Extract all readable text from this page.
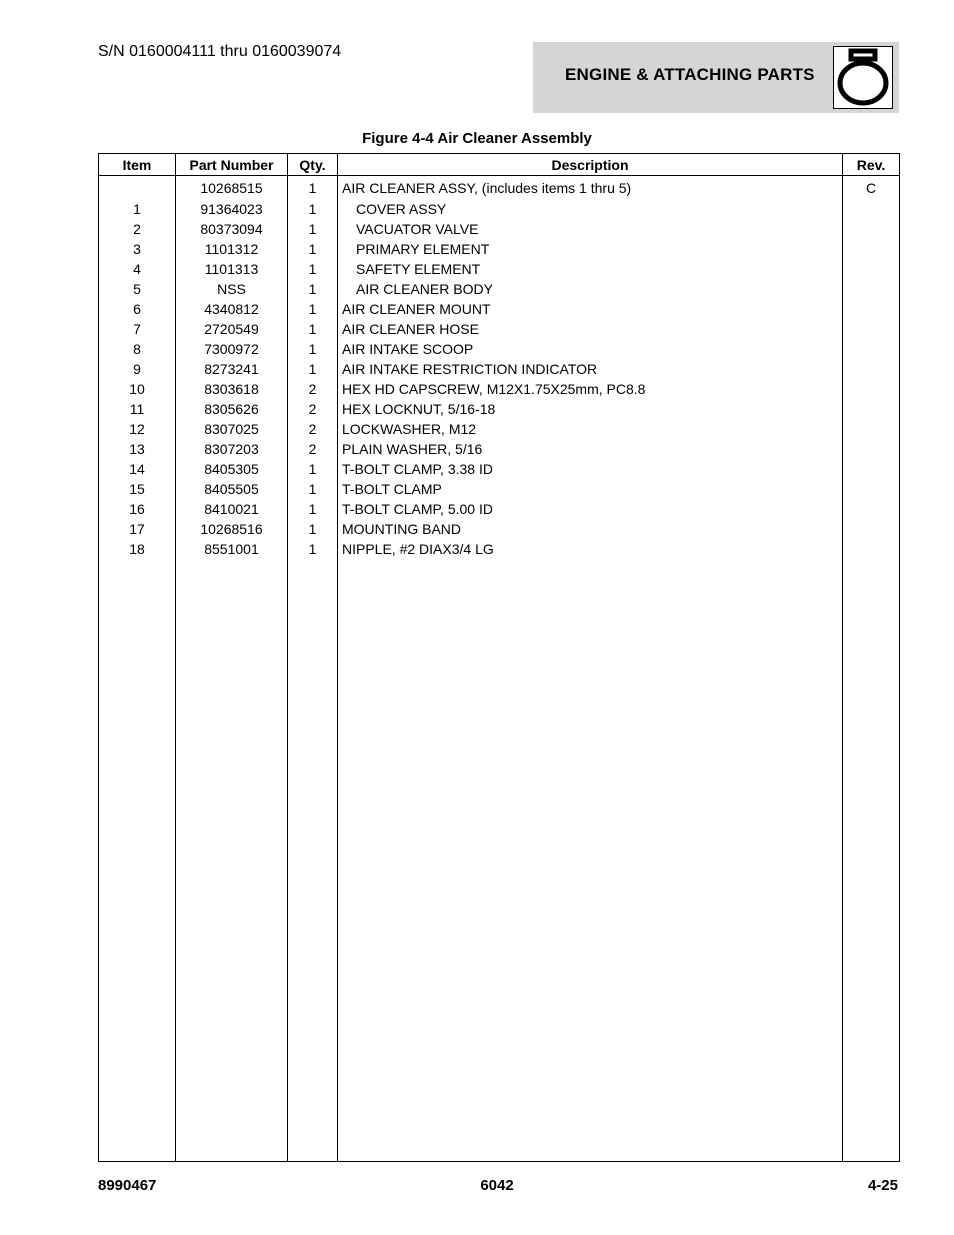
S/N 0160004111 thru 0160039074
ENGINE & ATTACHING PARTS
Figure 4-4 Air Cleaner Assembly
Item	Part Number	Qty.	Description	Rev.
	10268515	1	AIR CLEANER ASSY, (includes items 1 thru 5)	C
1	91364023	1	COVER ASSY	
2	80373094	1	VACUATOR VALVE	
3	1101312	1	PRIMARY ELEMENT	
4	1101313	1	SAFETY ELEMENT	
5	NSS	1	AIR CLEANER BODY	
6	4340812	1	AIR CLEANER MOUNT	
7	2720549	1	AIR CLEANER HOSE	
8	7300972	1	AIR INTAKE SCOOP	
9	8273241	1	AIR INTAKE RESTRICTION INDICATOR	
10	8303618	2	HEX HD CAPSCREW, M12X1.75X25mm, PC8.8	
11	8305626	2	HEX LOCKNUT, 5/16-18	
12	8307025	2	LOCKWASHER, M12	
13	8307203	2	PLAIN WASHER, 5/16	
14	8405305	1	T-BOLT CLAMP, 3.38 ID	
15	8405505	1	T-BOLT CLAMP	
16	8410021	1	T-BOLT CLAMP, 5.00 ID	
17	10268516	1	MOUNTING BAND	
18	8551001	1	NIPPLE, #2 DIAX3/4 LG	

8990467	6042	4-25
